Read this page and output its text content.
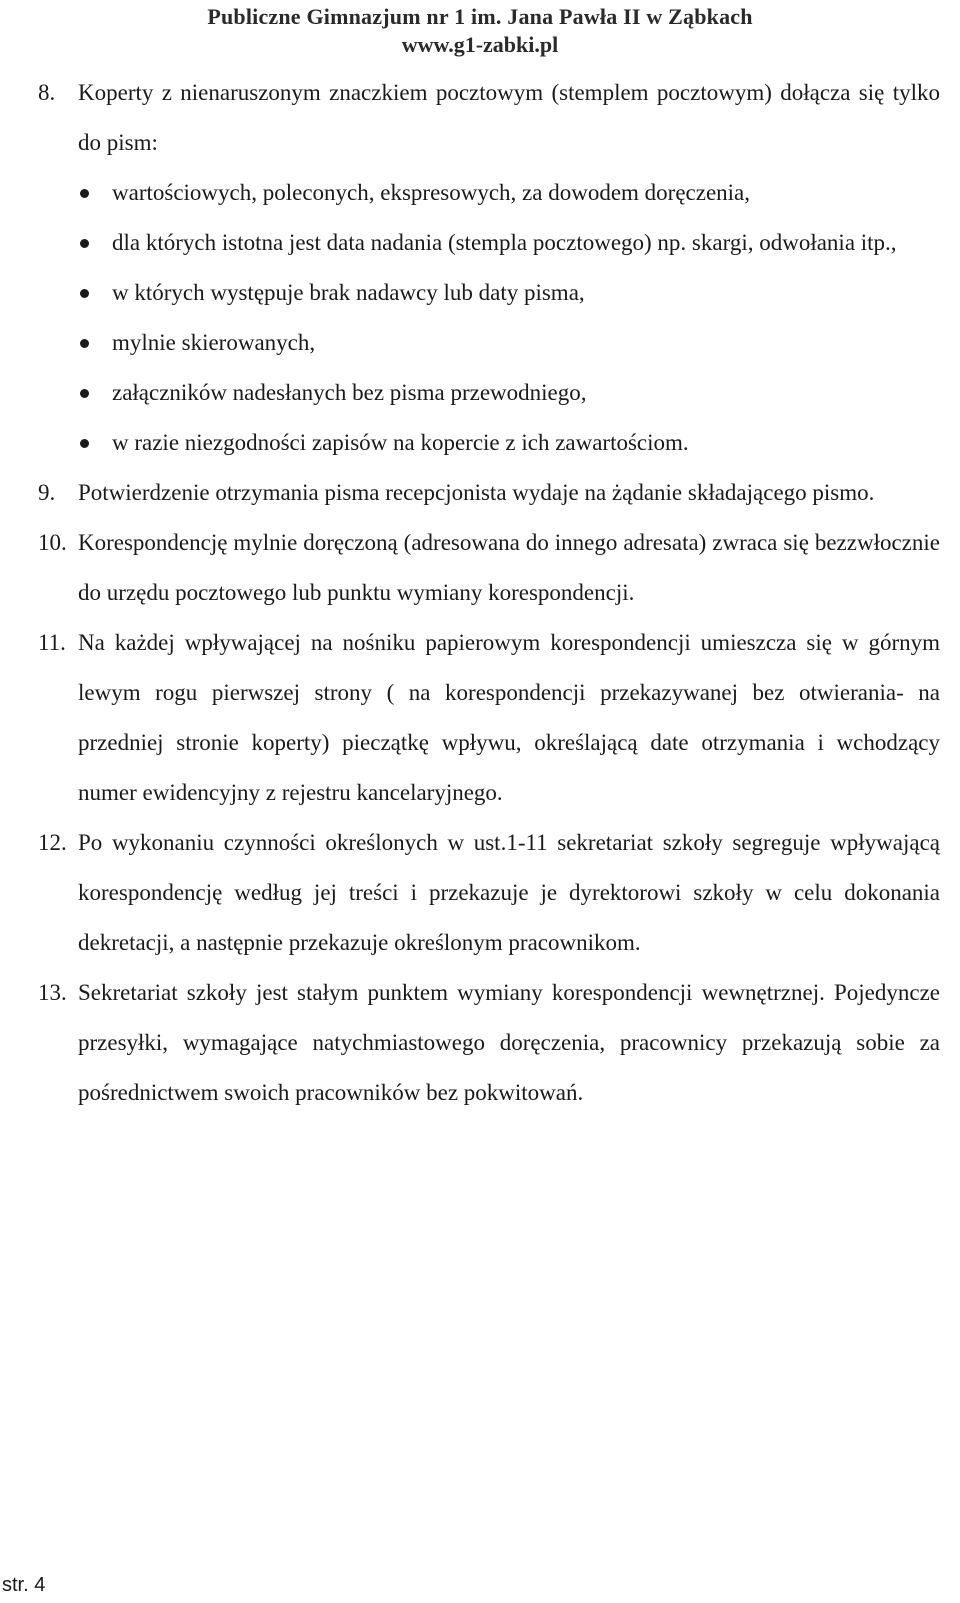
Publiczne Gimnazjum nr 1 im. Jana Pawła II w Ząbkach
www.g1-zabki.pl
8. Koperty z nienaruszonym znaczkiem pocztowym (stemplem pocztowym) dołącza się tylko do pism:
wartościowych, poleconych, ekspresowych, za dowodem doręczenia,
dla których istotna jest data nadania (stempla pocztowego) np. skargi, odwołania itp.,
w których występuje brak nadawcy lub daty pisma,
mylnie skierowanych,
załączników nadesłanych bez pisma przewodniego,
w razie niezgodności zapisów na kopercie z ich zawartościom.
9. Potwierdzenie otrzymania pisma recepcjonista wydaje na żądanie składającego pismo.
10. Korespondencję mylnie doręczoną (adresowana do innego adresata) zwraca się bezzwłocznie do urzędu pocztowego lub punktu wymiany korespondencji.
11. Na każdej wpływającej na nośniku papierowym korespondencji umieszcza się w górnym lewym rogu pierwszej strony ( na korespondencji przekazywanej bez otwierania- na przedniej stronie koperty) pieczątkę wpływu, określającą date otrzymania i wchodzący numer ewidencyjny z rejestru kancelaryjnego.
12. Po wykonaniu czynności określonych w ust.1-11 sekretariat szkoły segreguje wpływającą korespondencję według jej treści i przekazuje je dyrektorowi szkoły w celu dokonania dekretacji, a następnie przekazuje określonym pracownikom.
13. Sekretariat szkoły jest stałym punktem wymiany korespondencji wewnętrznej. Pojedyncze przesyłki, wymagające natychmiastowego doręczenia, pracownicy przekazują sobie za pośrednictwem swoich pracowników bez pokwitowań.
str. 4
